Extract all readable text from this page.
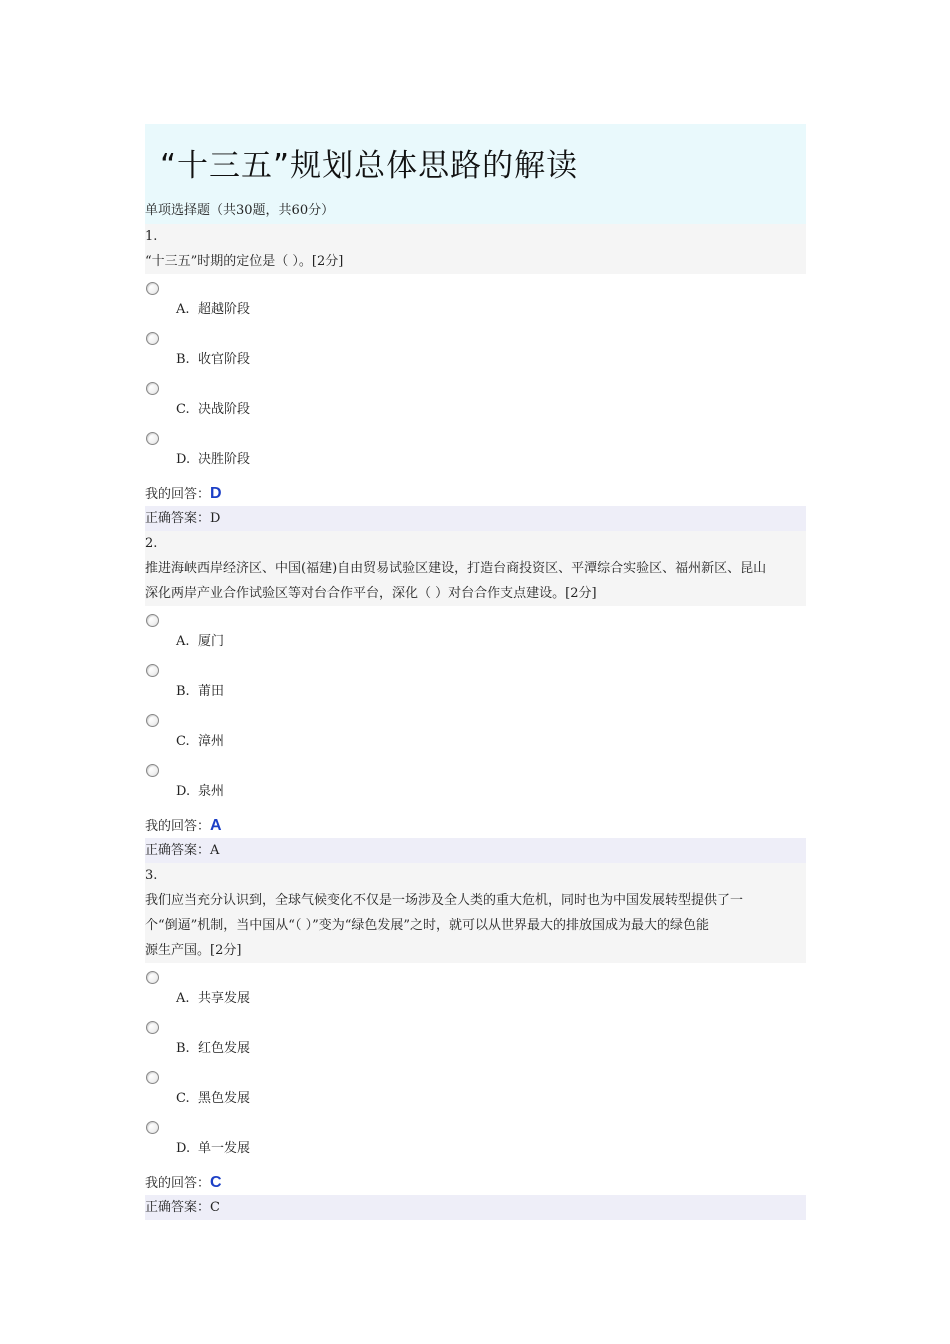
“十三五”规划总体思路的解读
单项选择题（共30题，共60分）
1.
“十三五”时期的定位是（ ）。[2分]
A. 超越阶段
B. 收官阶段
C. 决战阶段
D. 决胜阶段
我的回答：D
正确答案：D
2.
推进海峡西岸经济区、中国(福建)自由贸易试验区建设，打造台商投资区、平潭综合实验区、福州新区、昆山
深化两岸产业合作试验区等对台合作平台，深化（ ）对台合作支点建设。[2分]
A. 厦门
B. 莆田
C. 漳州
D. 泉州
我的回答：A
正确答案：A
3.
我们应当充分认识到，全球气候变化不仅是一场涉及全人类的重大危机，同时也为中国发展转型提供了一
个“倒逼”机制，当中国从“（ ）”变为“绿色发展”之时，就可以从世界最大的排放国成为最大的绿色能
源生产国。[2分]
A. 共享发展
B. 红色发展
C. 黑色发展
D. 单一发展
我的回答：C
正确答案：C
